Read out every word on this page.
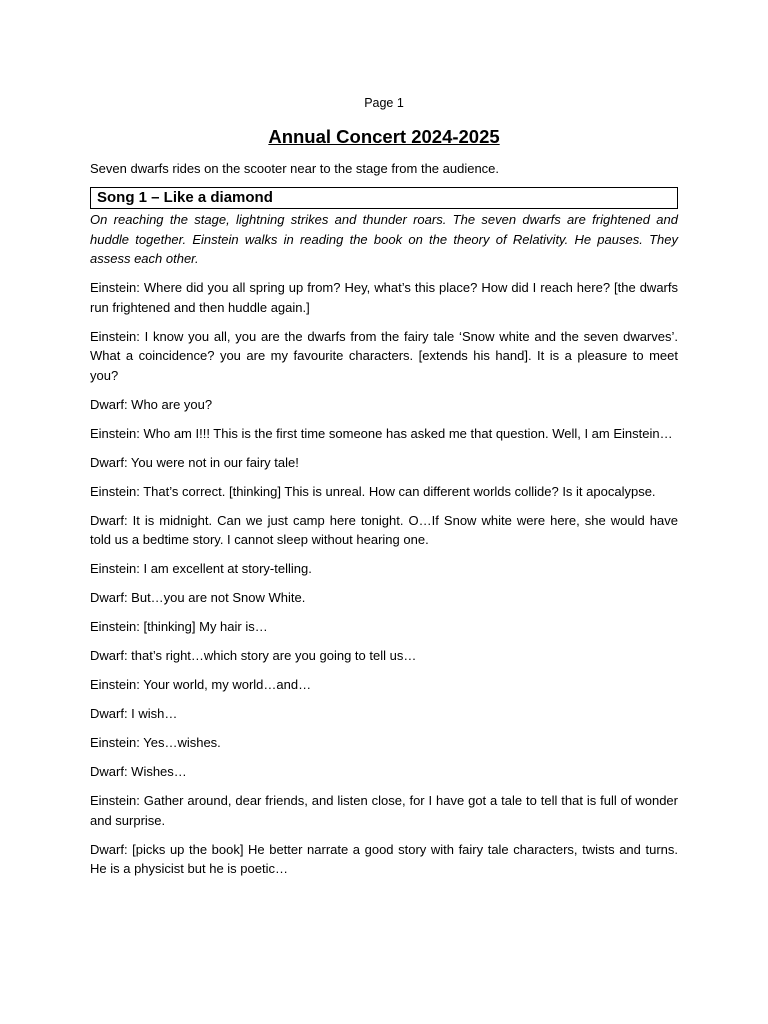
Page 1

Annual Concert 2024-2025

Seven dwarfs rides on the scooter near to the stage from the audience.

Song 1 – Like a diamond

On reaching the stage, lightning strikes and thunder roars. The seven dwarfs are frightened and huddle together. Einstein walks in reading the book on the theory of Relativity. He pauses. They assess each other.

Einstein: Where did you all spring up from? Hey, what’s this place? How did I reach here? [the dwarfs run frightened and then huddle again.]

Einstein: I know you all, you are the dwarfs from the fairy tale ‘Snow white and the seven dwarves’. What a coincidence? you are my favourite characters. [extends his hand]. It is a pleasure to meet you?

Dwarf: Who are you?

Einstein: Who am I!!! This is the first time someone has asked me that question. Well, I am Einstein…

Dwarf: You were not in our fairy tale!

Einstein: That’s correct. [thinking] This is unreal. How can different worlds collide? Is it apocalypse.

Dwarf: It is midnight. Can we just camp here tonight. O…If Snow white were here, she would have told us a bedtime story. I cannot sleep without hearing one.

Einstein: I am excellent at story-telling.

Dwarf: But…you are not Snow White.

Einstein: [thinking] My hair is…

Dwarf: that’s right…which story are you going to tell us…

Einstein: Your world, my world…and…

Dwarf: I wish…

Einstein: Yes…wishes.

Dwarf: Wishes…

Einstein: Gather around, dear friends, and listen close, for I have got a tale to tell that is full of wonder and surprise.

Dwarf: [picks up the book] He better narrate a good story with fairy tale characters, twists and turns. He is a physicist but he is poetic…
